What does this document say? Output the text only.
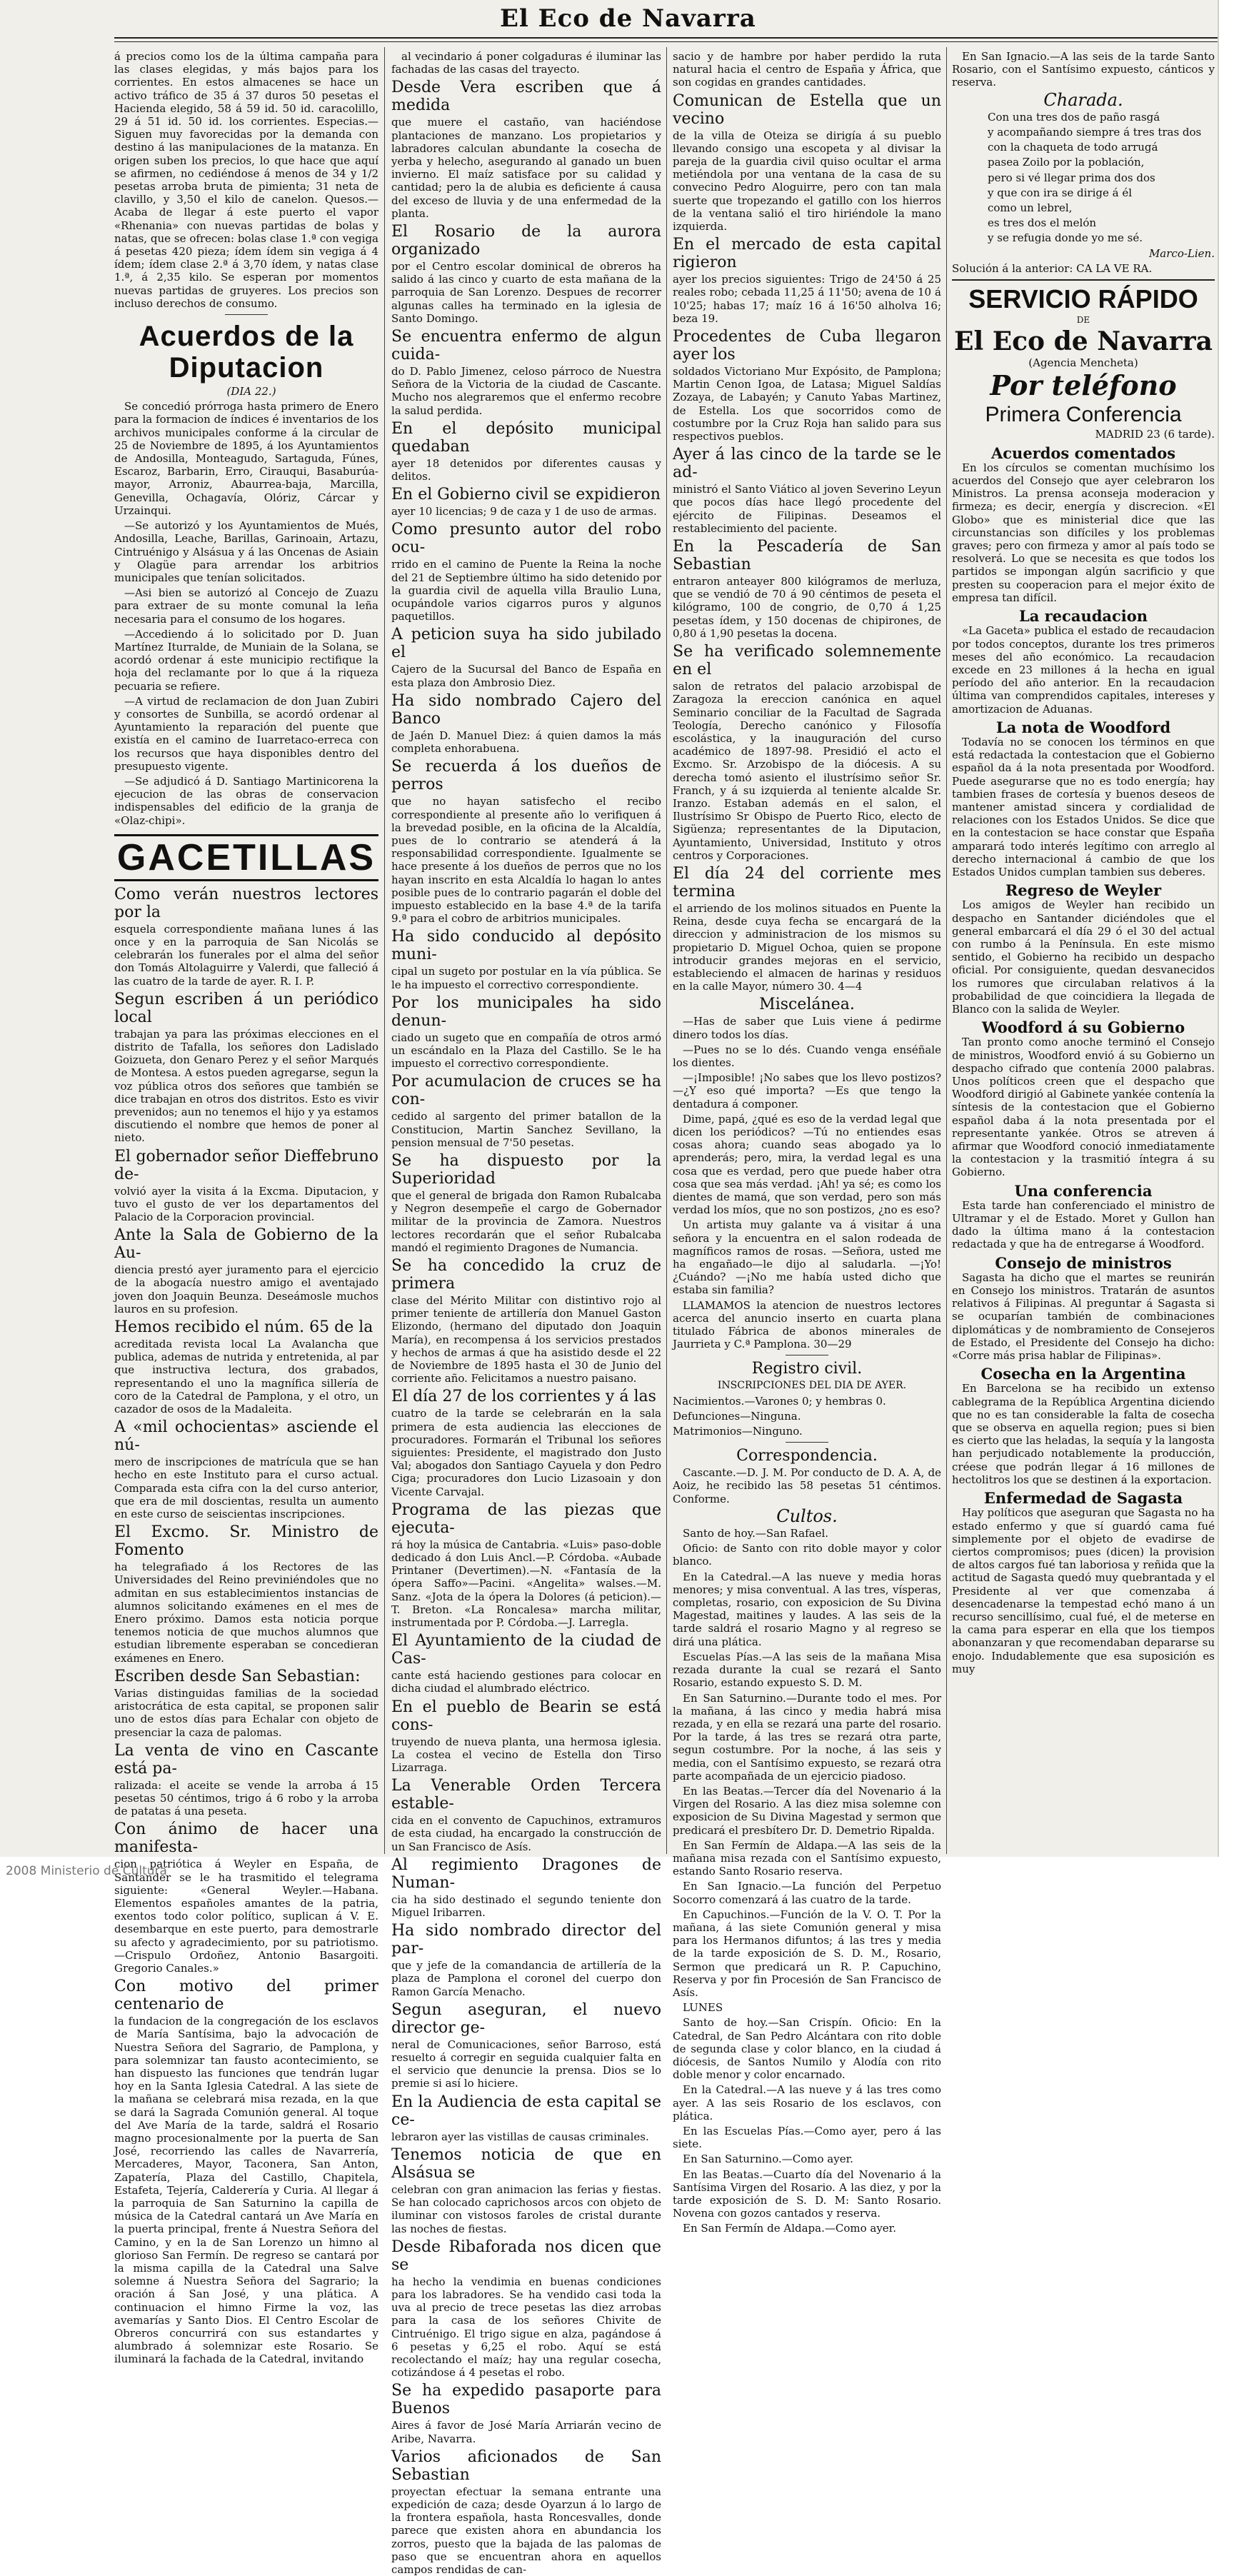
El Eco de Navarra

á precios como los de la última campaña para las clases elegidas, y más bajos para los corrientes. En estos almacenes se hace un activo tráfico de 35 á 37 duros 50 pesetas el Hacienda elegido, 58 á 59 id. 50 id. caracolillo, 29 á 51 id. 50 id. los corrientes. Especias.—Siguen muy favorecidas por la demanda con destino á las manipulaciones de la matanza. En origen suben los precios, lo que hace que aquí se afirmen, no cediéndose á menos de 34 y 1/2 pesetas arroba bruta de pimienta; 31 neta de clavillo, y 3,50 el kilo de canelon. Quesos.—Acaba de llegar á este puerto el vapor «Rhenania» con nuevas partidas de bolas y natas, que se ofrecen: bolas clase 1.ª con vegiga á pesetas 420 pieza; ídem ídem sin vegiga á 4 ídem; ídem clase 2.ª á 3,70 ídem, y natas clase 1.ª, á 2,35 kilo. Se esperan por momentos nuevas partidas de gruyeres. Los precios son incluso derechos de consumo.

Acuerdos de la Diputacion

(DIA 22.)

Se concedió prórroga hasta primero de Enero para la formacion de índices é inventarios de los archivos municipales conforme á la circular de 25 de Noviembre de 1895, á los Ayuntamientos de Andosilla, Monteagudo, Sartaguda, Fúnes, Escaroz, Barbarin, Erro, Cirauqui, Basaburúa-mayor, Arroniz, Abaurrea-baja, Marcilla, Genevilla, Ochagavía, Olóriz, Cárcar y Urzainqui.

—Se autorizó y los Ayuntamientos de Mués, Andosilla, Leache, Barillas, Garinoain, Artazu, Cintruénigo y Alsásua y á las Oncenas de Asiain y Olagüe para arrendar los arbitrios municipales que tenían solicitados.

—Asi bien se autorizó al Concejo de Zuazu para extraer de su monte comunal la leña necesaria para el consumo de los hogares.

—Accediendo á lo solicitado por D. Juan Martínez Iturralde, de Muniain de la Solana, se acordó ordenar á este municipio rectifique la hoja del reclamante por lo que á la riqueza pecuaria se refiere.

—A virtud de reclamacion de don Juan Zubiri y consortes de Sunbilla, se acordó ordenar al Ayuntamiento la reparación del puente que existía en el camino de Iuarretaco-erreca con los recursos que haya disponibles dentro del presupuesto vigente.

—Se adjudicó á D. Santiago Martinicorena la ejecucion de las obras de conservacion indispensables del edificio de la granja de «Olaz-chipi».

GACETILLAS
Como verán nuestros lectores por la

esquela correspondiente mañana lunes á las once y en la parroquia de San Nicolás se celebrarán los funerales por el alma del señor don Tomás Altolaguirre y Valerdi, que falleció á las cuatro de la tarde de ayer. R. I. P.

Segun escriben á un periódico local

trabajan ya para las próximas elecciones en el distrito de Tafalla, los señores don Ladislado Goizueta, don Genaro Perez y el señor Marqués de Montesa. A estos pueden agregarse, segun la voz pública otros dos señores que también se dice trabajan en otros dos distritos. Esto es vivir prevenidos; aun no tenemos el hijo y ya estamos discutiendo el nombre que hemos de poner al nieto.

El gobernador señor Dieffebruno de-

volvió ayer la visita á la Excma. Diputacion, y tuvo el gusto de ver los departamentos del Palacio de la Corporacion provincial.

Ante la Sala de Gobierno de la Au-

diencia prestó ayer juramento para el ejercicio de la abogacía nuestro amigo el aventajado joven don Joaquin Beunza. Deseámosle muchos lauros en su profesion.

Hemos recibido el núm. 65 de la

acreditada revista local La Avalancha que publica, ademas de nutrida y entretenida, al par que instructiva lectura, dos grabados, representando el uno la magnífica sillería de coro de la Catedral de Pamplona, y el otro, un cazador de osos de la Madaleita.

A «mil ochocientas» asciende el nú-

mero de inscripciones de matrícula que se han hecho en este Instituto para el curso actual. Comparada esta cifra con la del curso anterior, que era de mil doscientas, resulta un aumento en este curso de seiscientas inscripciones.

El Excmo. Sr. Ministro de Fomento

ha telegrafiado á los Rectores de las Universidades del Reino previniéndoles que no admitan en sus establecimientos instancias de alumnos solicitando exámenes en el mes de Enero próximo. Damos esta noticia porque tenemos noticia de que muchos alumnos que estudian libremente esperaban se concedieran exámenes en Enero.

Escriben desde San Sebastian:

Varias distinguidas familias de la sociedad aristocrática de esta capital, se proponen salir uno de estos días para Echalar con objeto de presenciar la caza de palomas.

La venta de vino en Cascante está pa-

ralizada: el aceite se vende la arroba á 15 pesetas 50 céntimos, trigo á 6 robo y la arroba de patatas á una peseta.

Con ánimo de hacer una manifesta-

cion patriótica á Weyler en España, de Santander se le ha trasmitido el telegrama siguiente: «General Weyler.—Habana. Elementos españoles amantes de la patria, exentos todo color político, suplican á V. E. desembarque en este puerto, para demostrarle su afecto y agradecimiento, por su patriotismo.—Crispulo Ordoñez, Antonio Basargoiti. Gregorio Canales.»

Con motivo del primer centenario de

la fundacion de la congregación de los esclavos de María Santísima, bajo la advocación de Nuestra Señora del Sagrario, de Pamplona, y para solemnizar tan fausto acontecimiento, se han dispuesto las funciones que tendrán lugar hoy en la Santa Iglesia Catedral. A las siete de la mañana se celebrará misa rezada, en la que se dará la Sagrada Comunión general. Al toque del Ave María de la tarde, saldrá el Rosario magno procesionalmente por la puerta de San José, recorriendo las calles de Navarrería, Mercaderes, Mayor, Taconera, San Anton, Zapatería, Plaza del Castillo, Chapitela, Estafeta, Tejería, Calderería y Curia. Al llegar á la parroquia de San Saturnino la capilla de música de la Catedral cantará un Ave María en la puerta principal, frente á Nuestra Señora del Camino, y en la de San Lorenzo un himno al glorioso San Fermín. De regreso se cantará por la misma capilla de la Catedral una Salve solemne á Nuestra Señora del Sagrario; la oración á San José, y una plática. A continuacion el himno Firme la voz, las avemarías y Santo Dios. El Centro Escolar de Obreros concurrirá con sus estandartes y alumbrado á solemnizar este Rosario. Se iluminará la fachada de la Catedral, invitando

al vecindario á poner colgaduras é iluminar las fachadas de las casas del trayecto.

Desde Vera escriben que á medida

que muere el castaño, van haciéndose plantaciones de manzano. Los propietarios y labradores calculan abundante la cosecha de yerba y helecho, asegurando al ganado un buen invierno. El maíz satisface por su calidad y cantidad; pero la de alubia es deficiente á causa del exceso de lluvia y de una enfermedad de la planta.

El Rosario de la aurora organizado

por el Centro escolar dominical de obreros ha salido á las cinco y cuarto de esta mañana de la parroquia de San Lorenzo. Despues de recorrer algunas calles ha terminado en la iglesia de Santo Domingo.

Se encuentra enfermo de algun cuida-

do D. Pablo Jimenez, celoso párroco de Nuestra Señora de la Victoria de la ciudad de Cascante. Mucho nos alegraremos que el enfermo recobre la salud perdida.

En el depósito municipal quedaban

ayer 18 detenidos por diferentes causas y delitos.

En el Gobierno civil se expidieron

ayer 10 licencias; 9 de caza y 1 de uso de armas.

Como presunto autor del robo ocu-

rrido en el camino de Puente la Reina la noche del 21 de Septiembre último ha sido detenido por la guardia civil de aquella villa Braulio Luna, ocupándole varios cigarros puros y algunos paquetillos.

A peticion suya ha sido jubilado el

Cajero de la Sucursal del Banco de España en esta plaza don Ambrosio Diez.

Ha sido nombrado Cajero del Banco

de Jaén D. Manuel Diez: á quien damos la más completa enhorabuena.

Se recuerda á los dueños de perros

que no hayan satisfecho el recibo correspondiente al presente año lo verifiquen á la brevedad posible, en la oficina de la Alcaldía, pues de lo contrario se atenderá á la responsabilidad correspondiente. Igualmente se hace presente á los dueños de perros que no los hayan inscrito en esta Alcaldía lo hagan lo antes posible pues de lo contrario pagarán el doble del impuesto establecido en la base 4.ª de la tarifa 9.ª para el cobro de arbitrios municipales.

Ha sido conducido al depósito muni-

cipal un sugeto por postular en la vía pública. Se le ha impuesto el correctivo correspondiente.

Por los municipales ha sido denun-

ciado un sugeto que en compañía de otros armó un escándalo en la Plaza del Castillo. Se le ha impuesto el correctivo correspondiente.

Por acumulacion de cruces se ha con-

cedido al sargento del primer batallon de la Constitucion, Martin Sanchez Sevillano, la pension mensual de 7'50 pesetas.

Se ha dispuesto por la Superioridad

que el general de brigada don Ramon Rubalcaba y Negron desempeñe el cargo de Gobernador militar de la provincia de Zamora. Nuestros lectores recordarán que el señor Rubalcaba mandó el regimiento Dragones de Numancia.

Se ha concedido la cruz de primera

clase del Mérito Militar con distintivo rojo al primer teniente de artillería don Manuel Gaston Elizondo, (hermano del diputado don Joaquin María), en recompensa á los servicios prestados y hechos de armas á que ha asistido desde el 22 de Noviembre de 1895 hasta el 30 de Junio del corriente año. Felicitamos a nuestro paisano.

El día 27 de los corrientes y á las

cuatro de la tarde se celebrarán en la sala primera de esta audiencia las elecciones de procuradores. Formarán el Tribunal los señores siguientes: Presidente, el magistrado don Justo Val; abogados don Santiago Cayuela y don Pedro Ciga; procuradores don Lucio Lizasoain y don Vicente Carvajal.

Programa de las piezas que ejecuta-

rá hoy la música de Cantabria. «Luis» paso-doble dedicado á don Luis Ancl.—P. Córdoba. «Aubade Printaner (Devertimen).—N. «Fantasía de la ópera Saffo»—Pacini. «Angelita» walses.—M. Sanz. «Jota de la ópera la Dolores (á peticion).—T. Breton. «La Roncalesa» marcha militar, instrumentada por P. Córdoba.—J. Larregla.

El Ayuntamiento de la ciudad de Cas-

cante está haciendo gestiones para colocar en dicha ciudad el alumbrado eléctrico.

En el pueblo de Bearin se está cons-

truyendo de nueva planta, una hermosa iglesia. La costea el vecino de Estella don Tirso Lizarraga.

La Venerable Orden Tercera estable-

cida en el convento de Capuchinos, extramuros de esta ciudad, ha encargado la construcción de un San Francisco de Asís.

Al regimiento Dragones de Numan-

cia ha sido destinado el segundo teniente don Miguel Iribarren.

Ha sido nombrado director del par-

que y jefe de la comandancia de artillería de la plaza de Pamplona el coronel del cuerpo don Ramon García Menacho.

Segun aseguran, el nuevo director ge-

neral de Comunicaciones, señor Barroso, está resuelto á corregir en seguida cualquier falta en el servicio que denuncie la prensa. Dios se lo premie si así lo hiciere.

En la Audiencia de esta capital se ce-

lebraron ayer las vistillas de causas criminales.

Tenemos noticia de que en Alsásua se

celebran con gran animacion las ferias y fiestas. Se han colocado caprichosos arcos con objeto de iluminar con vistosos faroles de cristal durante las noches de fiestas.

Desde Ribaforada nos dicen que se

ha hecho la vendimia en buenas condiciones para los labradores. Se ha vendido casi toda la uva al precio de trece pesetas las diez arrobas para la casa de los señores Chivite de Cintruénigo. El trigo sigue en alza, pagándose á 6 pesetas y 6,25 el robo. Aquí se está recolectando el maíz; hay una regular cosecha, cotizándose á 4 pesetas el robo.

Se ha expedido pasaporte para Buenos

Aires á favor de José María Arriarán vecino de Aribe, Navarra.

Varios aficionados de San Sebastian

proyectan efectuar la semana entrante una expedición de caza; desde Oyarzun á lo largo de la frontera española, hasta Roncesvalles, donde parece que existen ahora en abundancia los zorros, puesto que la bajada de las palomas de paso que se encuentran ahora en aquellos campos rendidas de can-

sacio y de hambre por haber perdido la ruta natural hacia el centro de España y África, que son cogidas en grandes cantidades.

Comunican de Estella que un vecino

de la villa de Oteiza se dirigía á su pueblo llevando consigo una escopeta y al divisar la pareja de la guardia civil quiso ocultar el arma metiéndola por una ventana de la casa de su convecino Pedro Aloguirre, pero con tan mala suerte que tropezando el gatillo con los hierros de la ventana salió el tiro hiriéndole la mano izquierda.

En el mercado de esta capital rigieron

ayer los precios siguientes: Trigo de 24'50 á 25 reales robo; cebada 11,25 á 11'50; avena de 10 á 10'25; habas 17; maíz 16 á 16'50 alholva 16; beza 19.

Procedentes de Cuba llegaron ayer los

soldados Victoriano Mur Expósito, de Pamplona; Martin Cenon Igoa, de Latasa; Miguel Saldías Zozaya, de Labayén; y Canuto Yabas Martinez, de Estella. Los que socorridos como de costumbre por la Cruz Roja han salido para sus respectivos pueblos.

Ayer á las cinco de la tarde se le ad-

ministró el Santo Viático al joven Severino Leyun que pocos días hace llegó procedente del ejército de Filipinas. Deseamos el restablecimiento del paciente.

En la Pescadería de San Sebastian

entraron anteayer 800 kilógramos de merluza, que se vendió de 70 á 90 céntimos de peseta el kilógramo, 100 de congrio, de 0,70 á 1,25 pesetas ídem, y 150 docenas de chipirones, de 0,80 á 1,90 pesetas la docena.

Se ha verificado solemnemente en el

salon de retratos del palacio arzobispal de Zaragoza la ereccion canónica en aquel Seminario conciliar de la Facultad de Sagrada Teología, Derecho canónico y Filosofía escolástica, y la inauguración del curso académico de 1897-98. Presidió el acto el Excmo. Sr. Arzobispo de la diócesis. A su derecha tomó asiento el ilustrísimo señor Sr. Franch, y á su izquierda al teniente alcalde Sr. Iranzo. Estaban además en el salon, el Ilustrísimo Sr Obispo de Puerto Rico, electo de Sigüenza; representantes de la Diputacion, Ayuntamiento, Universidad, Instituto y otros centros y Corporaciones.

El día 24 del corriente mes termina

el arriendo de los molinos situados en Puente la Reina, desde cuya fecha se encargará de la direccion y administracion de los mismos su propietario D. Miguel Ochoa, quien se propone introducir grandes mejoras en el servicio, estableciendo el almacen de harinas y residuos en la calle Mayor, número 30. 4—4

Miscelánea.

—Has de saber que Luis viene á pedirme dinero todos los días.

—Pues no se lo dés. Cuando venga enséñale los dientes.

—¡Imposible! ¡No sabes que los llevo postizos? —¿Y eso qué importa? —Es que tengo la dentadura á componer.

Dime, papá, ¿qué es eso de la verdad legal que dicen los periódicos? —Tú no entiendes esas cosas ahora; cuando seas abogado ya lo aprenderás; pero, mira, la verdad legal es una cosa que es verdad, pero que puede haber otra cosa que sea más verdad. ¡Ah! ya sé; es como los dientes de mamá, que son verdad, pero son más verdad los míos, que no son postizos, ¿no es eso?

Un artista muy galante va á visitar á una señora y la encuentra en el salon rodeada de magníficos ramos de rosas. —Señora, usted me ha engañado—le dijo al saludarla. —¡Yo! ¿Cuándo? —¡No me había usted dicho que estaba sin familia?

LLAMAMOS la atencion de nuestros lectores acerca del anuncio inserto en cuarta plana titulado Fábrica de abonos minerales de Jaurrieta y C.ª Pamplona. 30—29

Registro civil.

INSCRIPCIONES DEL DIA DE AYER.

Nacimientos.—Varones 0; y hembras 0.

Defunciones—Ninguna.

Matrimonios—Ninguno.

Correspondencia.

Cascante.—D. J. M. Por conducto de D. A. A, de Aoiz, he recibido las 58 pesetas 51 céntimos. Conforme.

Cultos.

Santo de hoy.—San Rafael.

Oficio: de Santo con rito doble mayor y color blanco.

En la Catedral.—A las nueve y media horas menores; y misa conventual. A las tres, vísperas, completas, rosario, con exposicion de Su Divina Magestad, maitines y laudes. A las seis de la tarde saldrá el rosario Magno y al regreso se dirá una plática.

Escuelas Pías.—A las seis de la mañana Misa rezada durante la cual se rezará el Santo Rosario, estando expuesto S. D. M.

En San Saturnino.—Durante todo el mes. Por la mañana, á las cinco y media habrá misa rezada, y en ella se rezará una parte del rosario. Por la tarde, á las tres se rezará otra parte, segun costumbre. Por la noche, á las seis y media, con el Santísimo expuesto, se rezará otra parte acompañada de un ejercicio piadoso.

En las Beatas.—Tercer día del Novenario á la Virgen del Rosario. A las diez misa solemne con exposicion de Su Divina Magestad y sermon que predicará el presbítero Dr. D. Demetrio Ripalda.

En San Fermín de Aldapa.—A las seis de la mañana misa rezada con el Santísimo expuesto, estando Santo Rosario reserva.

En San Ignacio.—La función del Perpetuo Socorro comenzará á las cuatro de la tarde.

En Capuchinos.—Función de la V. O. T. Por la mañana, á las siete Comunión general y misa para los Hermanos difuntos; á las tres y media de la tarde exposición de S. D. M., Rosario, Sermon que predicará un R. P. Capuchino, Reserva y por fin Procesión de San Francisco de Asís.

LUNES

Santo de hoy.—San Crispín. Oficio: En la Catedral, de San Pedro Alcántara con rito doble de segunda clase y color blanco, en la ciudad á diócesis, de Santos Numilo y Alodía con rito doble menor y color encarnado.

En la Catedral.—A las nueve y á las tres como ayer. A las seis Rosario de los esclavos, con plática.

En las Escuelas Pías.—Como ayer, pero á las siete.

En San Saturnino.—Como ayer.

En las Beatas.—Cuarto día del Novenario á la Santísima Virgen del Rosario. A las diez, y por la tarde exposición de S. D. M: Santo Rosario. Novena con gozos cantados y reserva.

En San Fermín de Aldapa.—Como ayer.

En San Ignacio.—A las seis de la tarde Santo Rosario, con el Santísimo expuesto, cánticos y reserva.

Charada.

Con una tres dos de paño rasgá

y acompañando siempre á tres tras dos

con la chaqueta de todo arrugá

pasea Zoilo por la población,

pero si vé llegar prima dos dos

y que con ira se dirige á él

como un lebrel,

es tres dos el melón

y se refugia donde yo me sé.

Marco-Lien.

Solución á la anterior: CA LA VE RA.

SERVICIO RÁPIDO
DE
El Eco de Navarra
(Agencia Mencheta)
Por teléfono
Primera Conferencia

MADRID 23 (6 tarde).

Acuerdos comentados

En los círculos se comentan muchísimo los acuerdos del Consejo que ayer celebraron los Ministros. La prensa aconseja moderacion y firmeza; es decir, energía y discrecion. «El Globo» que es ministerial dice que las circunstancias son difíciles y los problemas graves; pero con firmeza y amor al país todo se resolverá. Lo que se necesita es que todos los partidos se impongan algún sacrificio y que presten su cooperacion para el mejor éxito de empresa tan difícil.

La recaudacion

«La Gaceta» publica el estado de recaudacion por todos conceptos, durante los tres primeros meses del año económico. La recaudacion excede en 23 millones á la hecha en igual período del año anterior. En la recaudacion última van comprendidos capitales, intereses y amortizacion de Aduanas.

La nota de Woodford

Todavía no se conocen los términos en que está redactada la contestacion que el Gobierno español da á la nota presentada por Woodford. Puede asegurarse que no es todo energía; hay tambien frases de cortesía y buenos deseos de mantener amistad sincera y cordialidad de relaciones con los Estados Unidos. Se dice que en la contestacion se hace constar que España amparará todo interés legítimo con arreglo al derecho internacional á cambio de que los Estados Unidos cumplan tambien sus deberes.

Regreso de Weyler

Los amigos de Weyler han recibido un despacho en Santander diciéndoles que el general embarcará el día 29 ó el 30 del actual con rumbo á la Península. En este mismo sentido, el Gobierno ha recibido un despacho oficial. Por consiguiente, quedan desvanecidos los rumores que circulaban relativos á la probabilidad de que coincidiera la llegada de Blanco con la salida de Weyler.

Woodford á su Gobierno

Tan pronto como anoche terminó el Consejo de ministros, Woodford envió á su Gobierno un despacho cifrado que contenía 2000 palabras. Unos políticos creen que el despacho que Woodford dirigió al Gabinete yankée contenía la síntesis de la contestacion que el Gobierno español daba á la nota presentada por el representante yankée. Otros se atreven á afirmar que Woodford conoció inmediatamente la contestacion y la trasmitió íntegra á su Gobierno.

Una conferencia

Esta tarde han conferenciado el ministro de Ultramar y el de Estado. Moret y Gullon han dado la última mano á la contestacion redactada y que ha de entregarse á Woodford.

Consejo de ministros

Sagasta ha dicho que el martes se reunirán en Consejo los ministros. Tratarán de asuntos relativos á Filipinas. Al preguntar á Sagasta si se ocuparían también de combinaciones diplomáticas y de nombramiento de Consejeros de Estado, el Presidente del Consejo ha dicho: «Corre más prisa hablar de Filipinas».

Cosecha en la Argentina

En Barcelona se ha recibido un extenso cablegrama de la República Argentina diciendo que no es tan considerable la falta de cosecha que se observa en aquella region; pues si bien es cierto que las heladas, la sequía y la langosta han perjudicado notablemente la producción, créese que podrán llegar á 16 millones de hectolitros los que se destinen á la exportacion.

Enfermedad de Sagasta

Hay políticos que aseguran que Sagasta no ha estado enfermo y que sí guardó cama fué simplemente por el objeto de evadirse de ciertos compromisos; pues (dicen) la provision de altos cargos fué tan laboriosa y reñida que la actitud de Sagasta quedó muy quebrantada y el Presidente al ver que comenzaba á desencadenarse la tempestad echó mano á un recurso sencillísimo, cual fué, el de meterse en la cama para esperar en ella que los tiempos abonanzaran y que recomendaban depararse su enojo. Indudablemente que esa suposición es muy

2008 Ministerio de Cultura
